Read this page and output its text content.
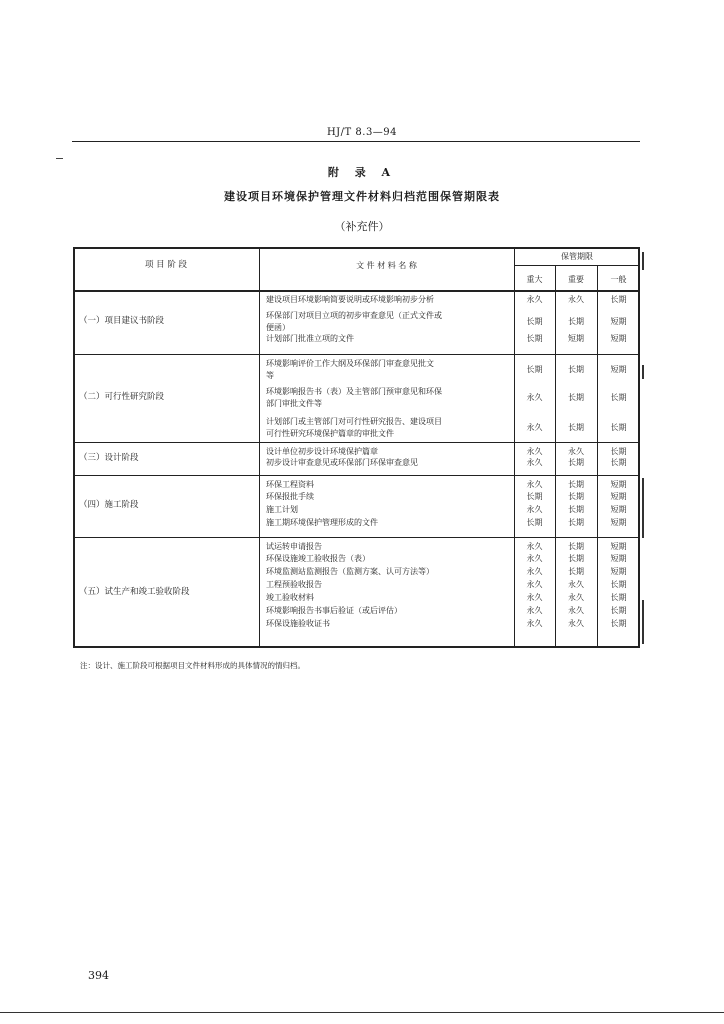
HJ/T 8.3—94
附 录 A
建设项目环境保护管理文件材料归档范围保管期限表
（补充件）
项 目 阶 段	文 件 材 料 名 称
保管期限
重大	重要	一般
（一）项目建议书阶段
建设项目环境影响简要说明或环境影响初步分析	永久	永久	长期
环保部门对项目立项的初步审查意见（正式文件或
便函）
长期	长期	短期
计划部门批准立项的文件	长期	短期	短期
（二）可行性研究阶段
环境影响评价工作大纲及环保部门审查意见批文
等
长期	长期	短期
环境影响报告书（表）及主管部门预审意见和环保
部门审批文件等
永久	长期	长期
计划部门或主管部门对可行性研究报告、建设项目
可行性研究环境保护篇章的审批文件
永久	长期	长期
（三）设计阶段
设计单位初步设计环境保护篇章	永久	永久	长期
初步设计审查意见或环保部门环保审查意见	永久	长期	长期
（四）施工阶段
环保工程资料	永久	长期	短期
环保报批手续	长期	长期	短期
施工计划	永久	长期	短期
施工期环境保护管理形成的文件	长期	长期	短期
（五）试生产和竣工验收阶段
试运转申请报告	永久	长期	短期
环保设施竣工验收报告（表）	永久	长期	短期
环境监测站监测报告（监测方案、认可方法等）	永久	长期	短期
工程预验收报告	永久	永久	长期
竣工验收材料	永久	永久	长期
环境影响报告书事后验证（或后评估）	永久	永久	长期
环保设施验收证书	永久	永久	长期
注：设计、施工阶段可根据项目文件材料形成的具体情况的情归档。
394
